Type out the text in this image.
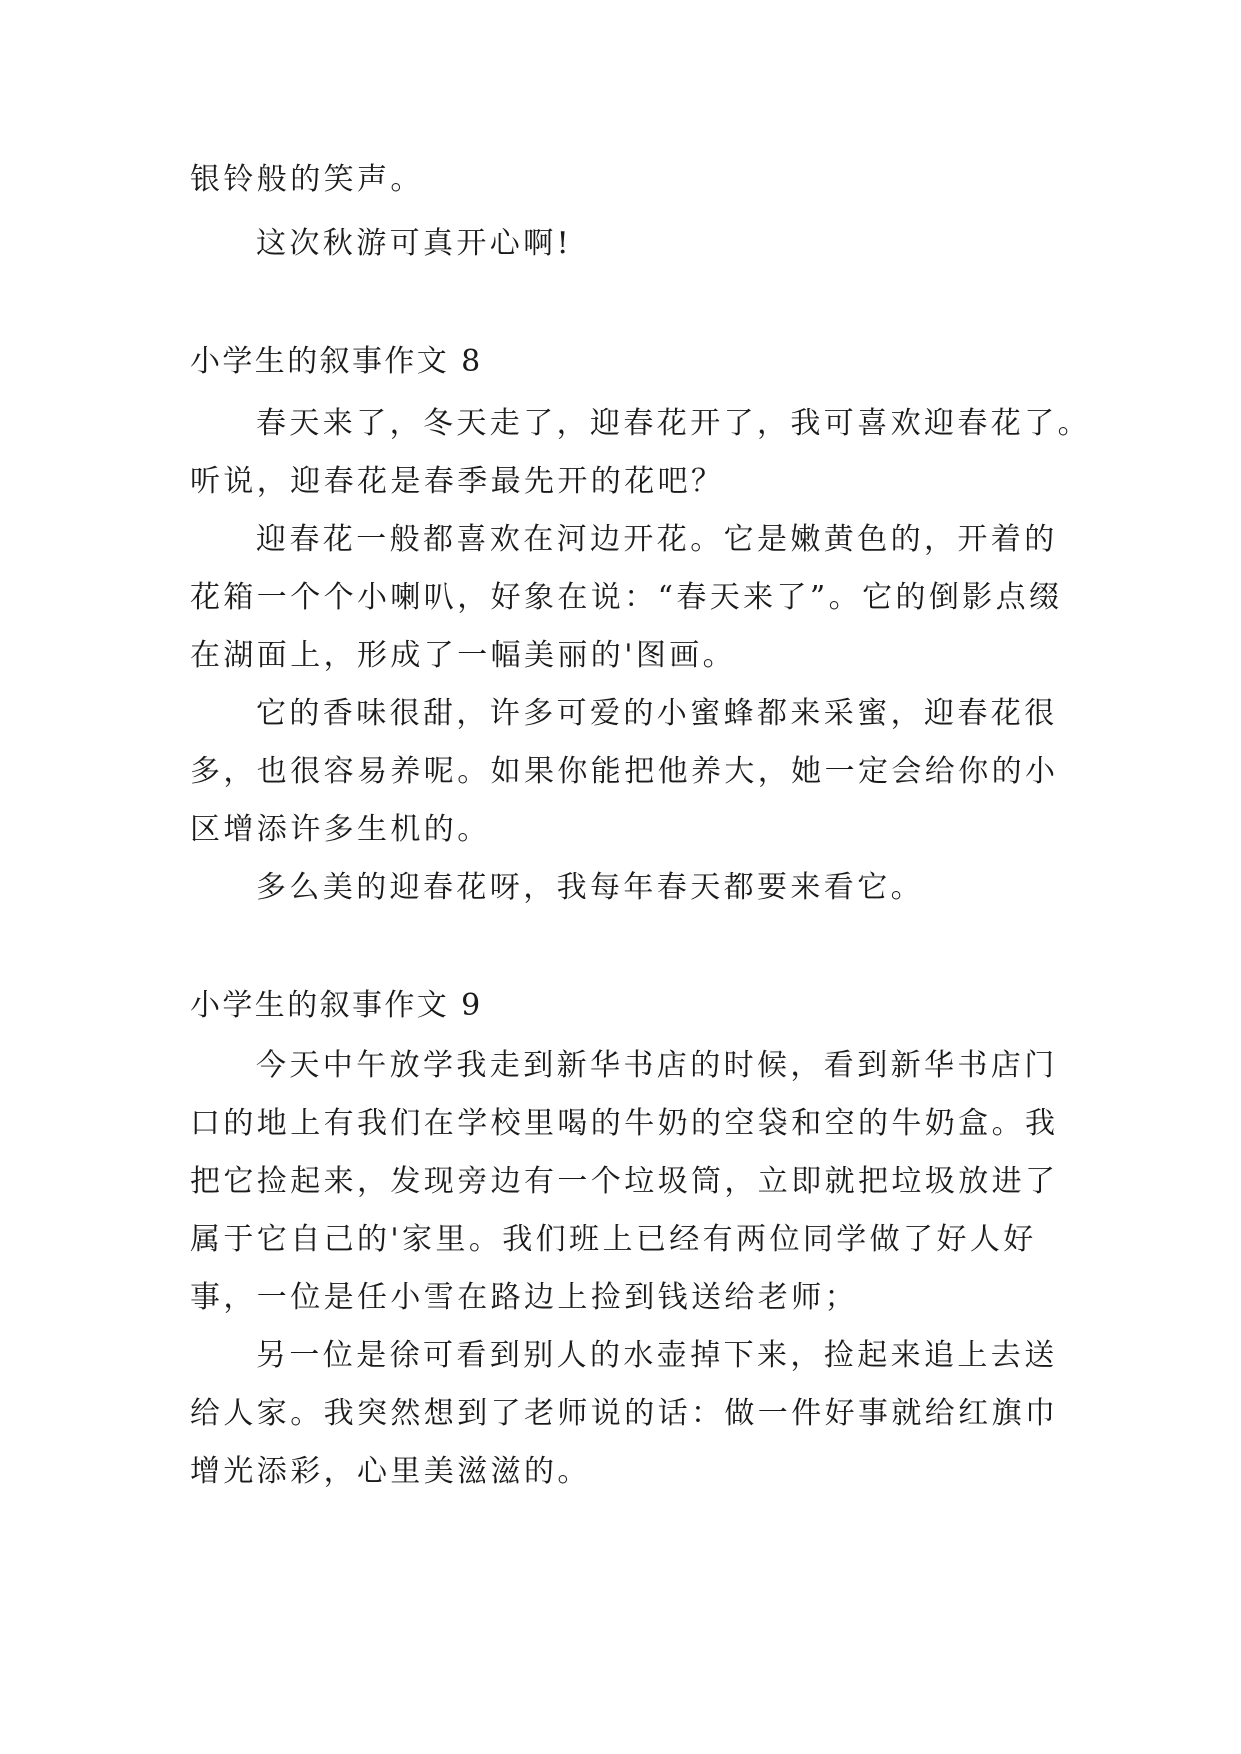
银铃般的笑声。
这次秋游可真开心啊!
小学生的叙事作文 8
春天来了，冬天走了，迎春花开了，我可喜欢迎春花了。
听说，迎春花是春季最先开的花吧？
迎春花一般都喜欢在河边开花。它是嫩黄色的，开着的
花箱一个个小喇叭，好象在说：“春天来了”。它的倒影点缀
在湖面上，形成了一幅美丽的'图画。
它的香味很甜，许多可爱的小蜜蜂都来采蜜，迎春花很
多，也很容易养呢。如果你能把他养大，她一定会给你的小
区增添许多生机的。
多么美的迎春花呀，我每年春天都要来看它。
小学生的叙事作文 9
今天中午放学我走到新华书店的时候，看到新华书店门
口的地上有我们在学校里喝的牛奶的空袋和空的牛奶盒。我
把它捡起来，发现旁边有一个垃圾筒，立即就把垃圾放进了
属于它自己的'家里。我们班上已经有两位同学做了好人好
事，一位是任小雪在路边上捡到钱送给老师；
另一位是徐可看到别人的水壶掉下来，捡起来追上去送
给人家。我突然想到了老师说的话：做一件好事就给红旗巾
增光添彩，心里美滋滋的。
